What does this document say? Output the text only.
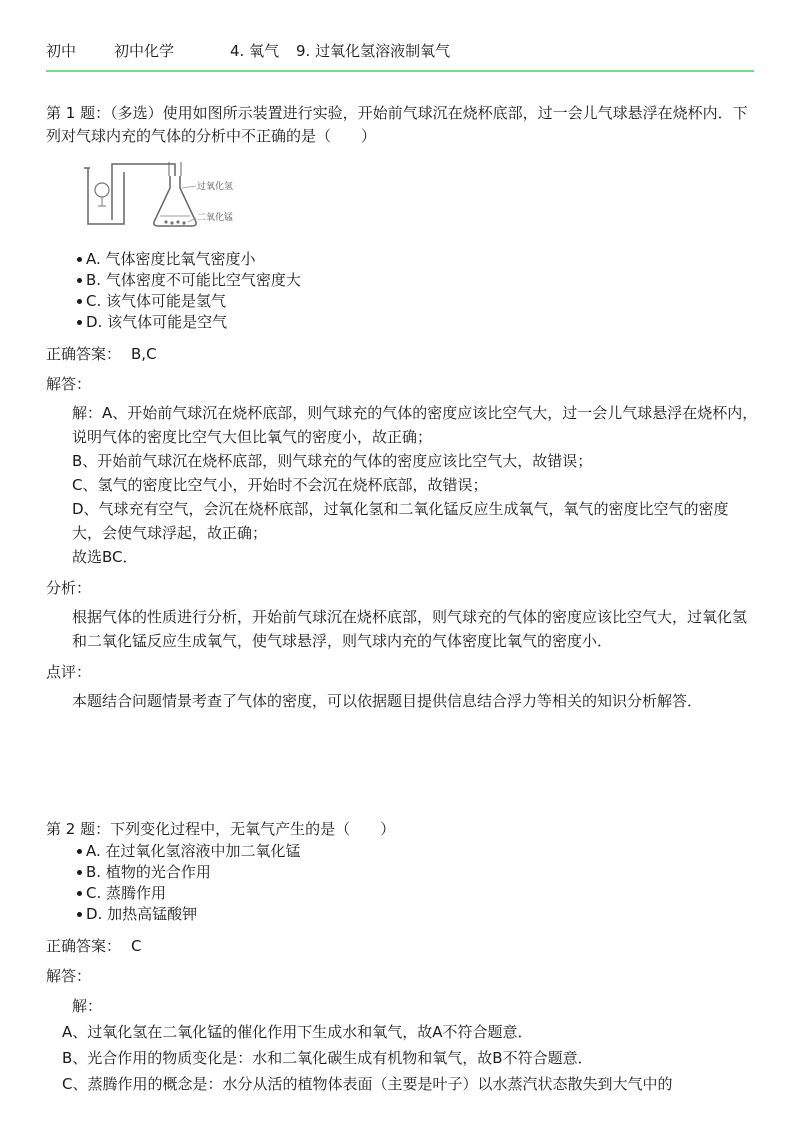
初中	初中化学	4. 氧气 9. 过氧化氢溶液制氧气

第 1 题：（多选）使用如图所示装置进行实验，开始前气球沉在烧杯底部，过一会儿气球悬浮在烧杯内．下列对气球内充的气体的分析中不正确的是（　　）

过氧化氢
二氧化锰
A. 气体密度比氧气密度小
B. 气体密度不可能比空气密度大
C. 该气体可能是氢气
D. 该气体可能是空气
正确答案： B,C
解答：
解：A、开始前气球沉在烧杯底部，则气球充的气体的密度应该比空气大，过一会儿气球悬浮在烧杯内，说明气体的密度比空气大但比氧气的密度小，故正确；
B、开始前气球沉在烧杯底部，则气球充的气体的密度应该比空气大，故错误；
C、氢气的密度比空气小，开始时不会沉在烧杯底部，故错误；
D、气球充有空气，会沉在烧杯底部，过氧化氢和二氧化锰反应生成氧气，氧气的密度比空气的密度大，会使气球浮起，故正确；
故选BC．
分析：
根据气体的性质进行分析，开始前气球沉在烧杯底部，则气球充的气体的密度应该比空气大，过氧化氢和二氧化锰反应生成氧气，使气球悬浮，则气球内充的气体密度比氧气的密度小．
点评：
本题结合问题情景考查了气体的密度，可以依据题目提供信息结合浮力等相关的知识分析解答．

第 2 题：下列变化过程中，无氧气产生的是（　　）

A. 在过氧化氢溶液中加二氧化锰
B. 植物的光合作用
C. 蒸腾作用
D. 加热高锰酸钾
正确答案： C
解答：
解：
A、过氧化氢在二氧化锰的催化作用下生成水和氧气，故A不符合题意．
B、光合作用的物质变化是：水和二氧化碳生成有机物和氧气，故B不符合题意．
C、蒸腾作用的概念是：水分从活的植物体表面（主要是叶子）以水蒸汽状态散失到大气中的
